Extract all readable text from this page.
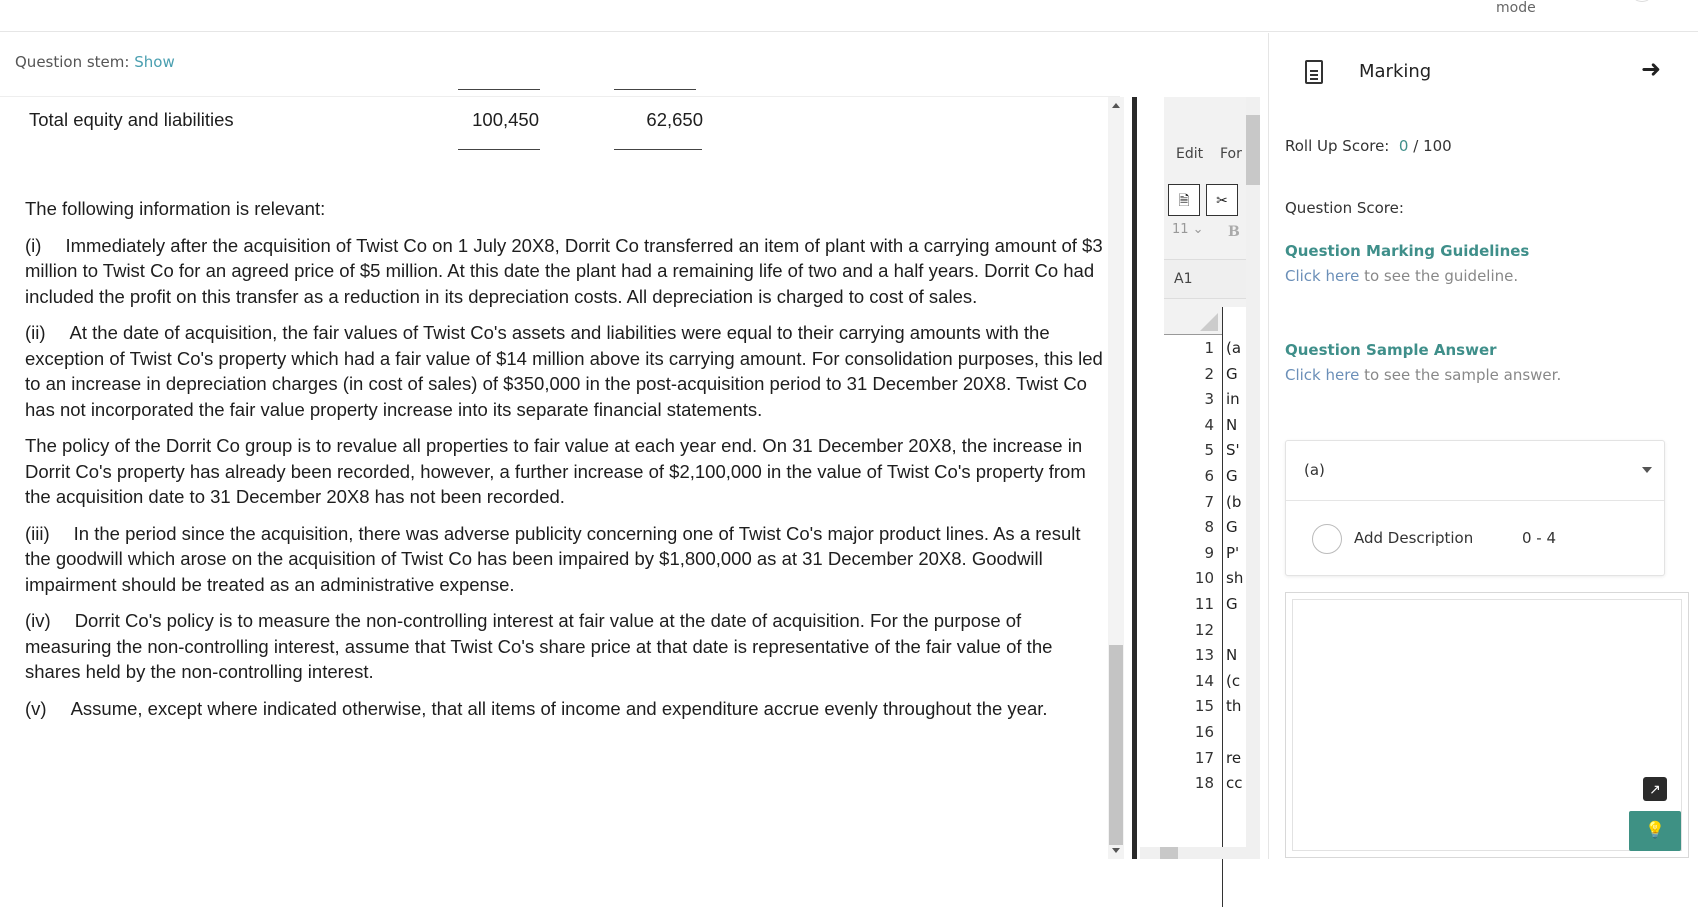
mode
Question stem: Show
Total equity and liabilities	100,450	62,650
The following information is relevant:
(i) Immediately after the acquisition of Twist Co on 1 July 20X8, Dorrit Co transferred an item of plant with a carrying amount of $3 million to Twist Co for an agreed price of $5 million. At this date the plant had a remaining life of two and a half years. Dorrit Co had included the profit on this transfer as a reduction in its depreciation costs. All depreciation is charged to cost of sales.
(ii) At the date of acquisition, the fair values of Twist Co's assets and liabilities were equal to their carrying amounts with the exception of Twist Co's property which had a fair value of $14 million above its carrying amount. For consolidation purposes, this led to an increase in depreciation charges (in cost of sales) of $350,000 in the post-acquisition period to 31 December 20X8. Twist Co has not incorporated the fair value property increase into its separate financial statements.
The policy of the Dorrit Co group is to revalue all properties to fair value at each year end. On 31 December 20X8, the increase in Dorrit Co's property has already been recorded, however, a further increase of $2,100,000 in the value of Twist Co's property from the acquisition date to 31 December 20X8 has not been recorded.
(iii) In the period since the acquisition, there was adverse publicity concerning one of Twist Co's major product lines. As a result the goodwill which arose on the acquisition of Twist Co has been impaired by $1,800,000 as at 31 December 20X8. Goodwill impairment should be treated as an administrative expense.
(iv) Dorrit Co's policy is to measure the non-controlling interest at fair value at the date of acquisition. For the purpose of measuring the non-controlling interest, assume that Twist Co's share price at that date is representative of the fair value of the shares held by the non-controlling interest.
(v) Assume, except where indicated otherwise, that all items of income and expenditure accrue evenly throughout the year.
Edit For
🗎	✂
11 ⌄ B
A1
1 (a
2 G
3 in
4 N
5 S'
6 G
7 (b
8 G
9 P'
10 sh
11 G
12
13 N
14 (c
15 th
16
17 re
18 cc
Marking	➜
Roll Up Score: 0 / 100
Question Score:
Question Marking Guidelines
Click here to see the guideline.
Question Sample Answer
Click here to see the sample answer.
(a)
Add Description	0 - 4
↗
💡
